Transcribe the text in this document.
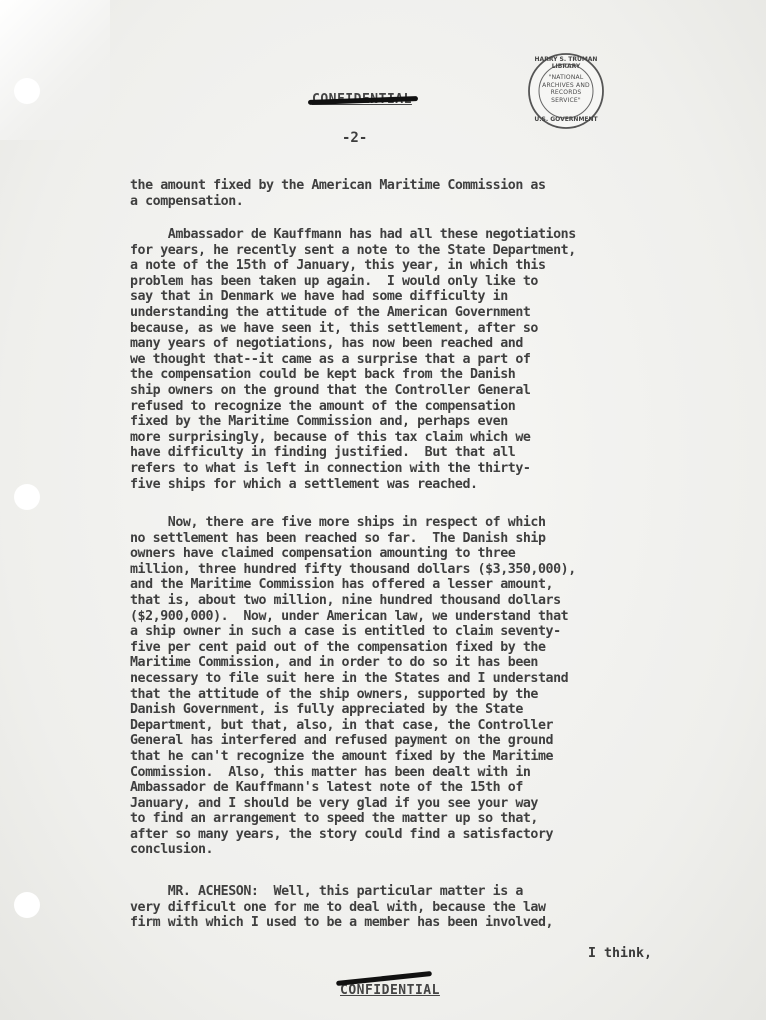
HARRY S. TRUMAN LIBRARY
"NATIONAL ARCHIVES AND RECORDS SERVICE"
U.S. GOVERNMENT
-2-
the amount fixed by the American Maritime Commission as
a compensation.
Ambassador de Kauffmann has had all these negotiations
for years, he recently sent a note to the State Department,
a note of the 15th of January, this year, in which this
problem has been taken up again.  I would only like to
say that in Denmark we have had some difficulty in
understanding the attitude of the American Government
because, as we have seen it, this settlement, after so
many years of negotiations, has now been reached and
we thought that--it came as a surprise that a part of
the compensation could be kept back from the Danish
ship owners on the ground that the Controller General
refused to recognize the amount of the compensation
fixed by the Maritime Commission and, perhaps even
more surprisingly, because of this tax claim which we
have difficulty in finding justified.  But that all
refers to what is left in connection with the thirty-
five ships for which a settlement was reached.
Now, there are five more ships in respect of which
no settlement has been reached so far.  The Danish ship
owners have claimed compensation amounting to three
million, three hundred fifty thousand dollars ($3,350,000),
and the Maritime Commission has offered a lesser amount,
that is, about two million, nine hundred thousand dollars
($2,900,000).  Now, under American law, we understand that
a ship owner in such a case is entitled to claim seventy-
five per cent paid out of the compensation fixed by the
Maritime Commission, and in order to do so it has been
necessary to file suit here in the States and I understand
that the attitude of the ship owners, supported by the
Danish Government, is fully appreciated by the State
Department, but that, also, in that case, the Controller
General has interfered and refused payment on the ground
that he can't recognize the amount fixed by the Maritime
Commission.  Also, this matter has been dealt with in
Ambassador de Kauffmann's latest note of the 15th of
January, and I should be very glad if you see your way
to find an arrangement to speed the matter up so that,
after so many years, the story could find a satisfactory
conclusion.
MR. ACHESON:  Well, this particular matter is a
very difficult one for me to deal with, because the law
firm with which I used to be a member has been involved,
I think,
CONFIDENTIAL
